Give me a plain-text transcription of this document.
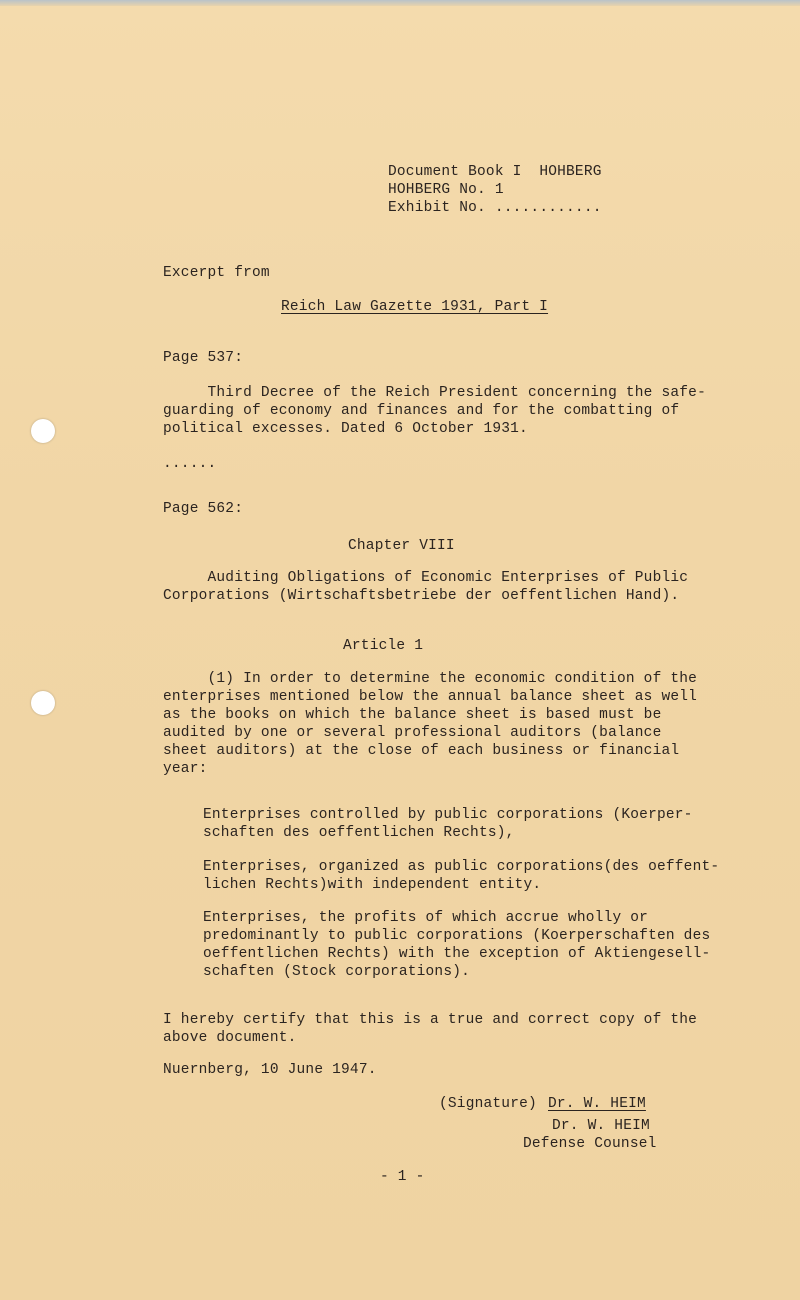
Document Book I  HOHBERG
HOHBERG No. 1
Exhibit No. ............
Excerpt from
Reich Law Gazette 1931, Part I
Page 537:
Third Decree of the Reich President concerning the safe-
guarding of economy and finances and for the combatting of
political excesses. Dated 6 October 1931.
......
Page 562:
Chapter VIII
Auditing Obligations of Economic Enterprises of Public
Corporations (Wirtschaftsbetriebe der oeffentlichen Hand).
Article 1
(1) In order to determine the economic condition of the
enterprises mentioned below the annual balance sheet as well
as the books on which the balance sheet is based must be
audited by one or several professional auditors (balance
sheet auditors) at the close of each business or financial
year:
Enterprises controlled by public corporations (Koerper-
schaften des oeffentlichen Rechts),
Enterprises, organized as public corporations(des oeffent-
lichen Rechts)with independent entity.
Enterprises, the profits of which accrue wholly or
predominantly to public corporations (Koerperschaften des
oeffentlichen Rechts) with the exception of Aktiengesell-
schaften (Stock corporations).
I hereby certify that this is a true and correct copy of the
above document.
Nuernberg, 10 June 1947.
(Signature) Dr. W. HEIM
Dr. W. HEIM
Defense Counsel
- 1 -
